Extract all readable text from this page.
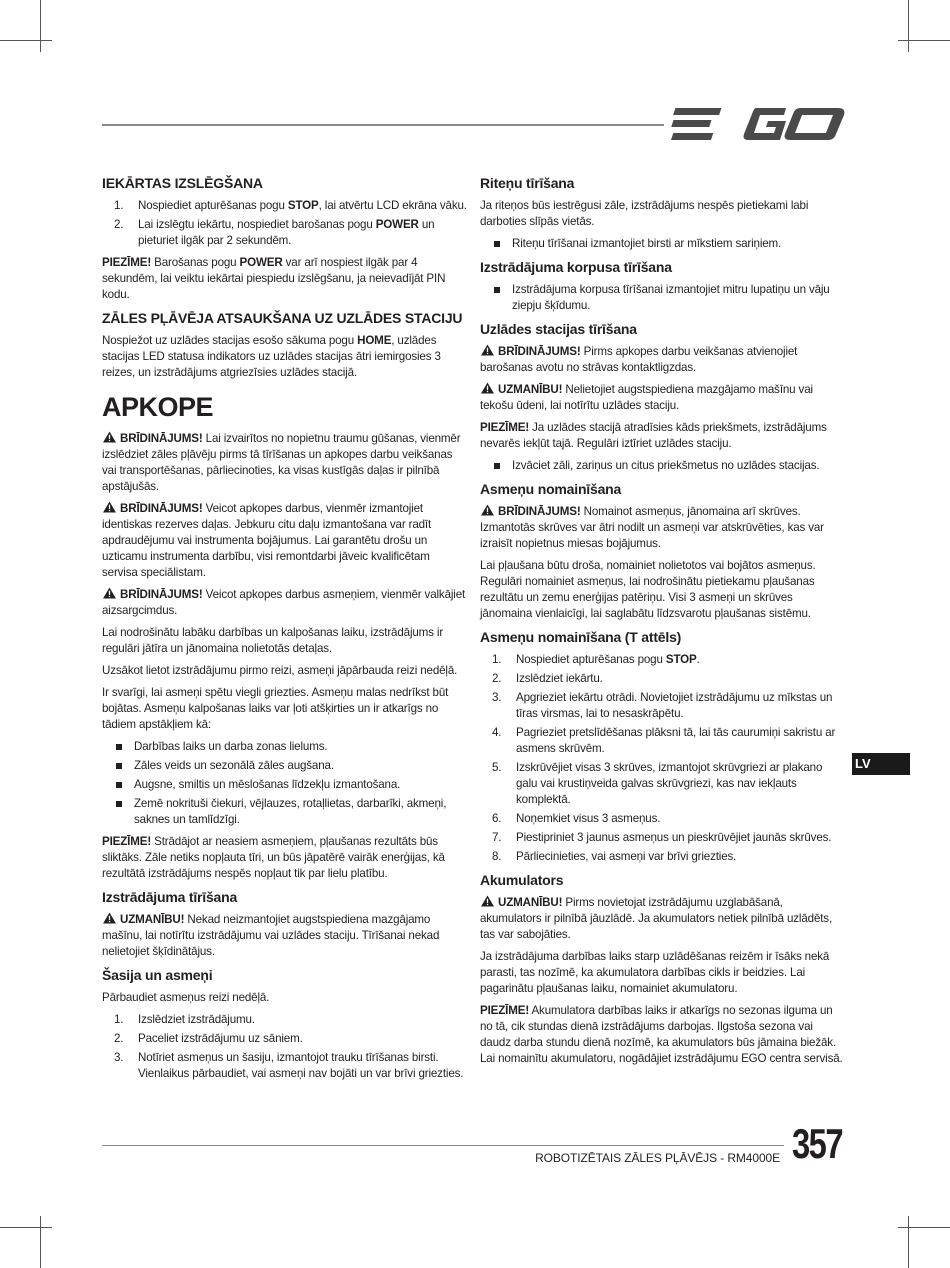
IEKĀRTAS IZSLĒGŠANA
1. Nospiediet apturēšanas pogu STOP, lai atvērtu LCD ekrāna vāku.
2. Lai izslēgtu iekārtu, nospiediet barošanas pogu POWER un pieturiet ilgāk par 2 sekundēm.

PIEZĪME! Barošanas pogu POWER var arī nospiest ilgāk par 4 sekundēm, lai veiktu iekārtai piespiedu izslēgšanu, ja neievadījāt PIN kodu.

ZĀLES PĻĀVĒJA ATSAUKŠANA UZ UZLĀDES STACIJU

Nospiežot uz uzlādes stacijas esošo sākuma pogu HOME, uzlādes stacijas LED statusa indikators uz uzlādes stacijas ātri iemirgosies 3 reizes, un izstrādājums atgriezīsies uzlādes stacijā.

APKOPE

BRĪDINĀJUMS! Lai izvairītos no nopietnu traumu gūšanas, vienmēr izslēdziet zāles pļāvēju pirms tā tīrīšanas un apkopes darbu veikšanas vai transportēšanas, pārliecinoties, ka visas kustīgās daļas ir pilnībā apstājušās.

BRĪDINĀJUMS! Veicot apkopes darbus, vienmēr izmantojiet identiskas rezerves daļas. Jebkuru citu daļu izmantošana var radīt apdraudējumu vai instrumenta bojājumus. Lai garantētu drošu un uzticamu instrumenta darbību, visi remontdarbi jāveic kvalificētam servisa speciālistam.

BRĪDINĀJUMS! Veicot apkopes darbus asmeņiem, vienmēr valkājiet aizsargcimdus.

Lai nodrošinātu labāku darbības un kalpošanas laiku, izstrādājums ir regulāri jātīra un jānomaina nolietotās detaļas.

Uzsākot lietot izstrādājumu pirmo reizi, asmeņi jāpārbauda reizi nedēļā.

Ir svarīgi, lai asmeņi spētu viegli griezties. Asmeņu malas nedrīkst būt bojātas. Asmeņu kalpošanas laiks var ļoti atšķirties un ir atkarīgs no tādiem apstākļiem kā:

Darbības laiks un darba zonas lielums.
Zāles veids un sezonālā zāles augšana.
Augsne, smiltis un mēslošanas līdzekļu izmantošana.
Zemē nokrituši čiekuri, vējlauzes, rotaļlietas, darbarīki, akmeņi, saknes un tamlīdzīgi.

PIEZĪME! Strādājot ar neasiem asmeņiem, pļaušanas rezultāts būs sliktāks. Zāle netiks nopļauta tīri, un būs jāpatērē vairāk enerģijas, kā rezultātā izstrādājums nespēs nopļaut tik par lielu platību.

Izstrādājuma tīrīšana

UZMANĪBU! Nekad neizmantojiet augstspiediena mazgājamo mašīnu, lai notīrītu izstrādājumu vai uzlādes staciju. Tīrīšanai nekad nelietojiet šķīdinātājus.

Šasija un asmeņi

Pārbaudiet asmeņus reizi nedēļā.

1. Izslēdziet izstrādājumu.
2. Paceliet izstrādājumu uz sāniem.
3. Notīriet asmeņus un šasiju, izmantojot trauku tīrīšanas birsti. Vienlaikus pārbaudiet, vai asmeņi nav bojāti un var brīvi griezties.
Riteņu tīrīšana

Ja riteņos būs iestrēgusi zāle, izstrādājums nespēs pietiekami labi darboties slīpās vietās.

Riteņu tīrīšanai izmantojiet birsti ar mīkstiem sariņiem.
Izstrādājuma korpusa tīrīšana
Izstrādājuma korpusa tīrīšanai izmantojiet mitru lupatiņu un vāju ziepju šķīdumu.
Uzlādes stacijas tīrīšana

BRĪDINĀJUMS! Pirms apkopes darbu veikšanas atvienojiet barošanas avotu no strāvas kontaktligzdas.

UZMANĪBU! Nelietojiet augstspiediena mazgājamo mašīnu vai tekošu ūdeni, lai notīrītu uzlādes staciju.

PIEZĪME! Ja uzlādes stacijā atradīsies kāds priekšmets, izstrādājums nevarēs iekļūt tajā. Regulāri iztīriet uzlādes staciju.

Izvāciet zāli, zariņus un citus priekšmetus no uzlādes stacijas.
Asmeņu nomainīšana

BRĪDINĀJUMS! Nomainot asmeņus, jānomaina arī skrūves. Izmantotās skrūves var ātri nodilt un asmeņi var atskrūvēties, kas var izraisīt nopietnus miesas bojājumus.

Lai pļaušana būtu droša, nomainiet nolietotos vai bojātos asmeņus. Regulāri nomainiet asmeņus, lai nodrošinātu pietiekamu pļaušanas rezultātu un zemu enerģijas patēriņu. Visi 3 asmeņi un skrūves jānomaina vienlaicīgi, lai saglabātu līdzsvarotu pļaušanas sistēmu.

Asmeņu nomainīšana (T attēls)
1. Nospiediet apturēšanas pogu STOP.
2. Izslēdziet iekārtu.
3. Apgrieziet iekārtu otrādi. Novietojiet izstrādājumu uz mīkstas un tīras virsmas, lai to nesaskrāpētu.
4. Pagrieziet pretslīdēšanas plāksni tā, lai tās caurumiņi sakristu ar asmens skrūvēm.
5. Izskrūvējiet visas 3 skrūves, izmantojot skrūvgriezi ar plakano galu vai krustiņveida galvas skrūvgriezi, kas nav iekļauts komplektā.
6. Noņemkiet visus 3 asmeņus.
7. Piestipriniet 3 jaunus asmeņus un pieskrūvējiet jaunās skrūves.
8. Pārliecinieties, vai asmeņi var brīvi griezties.
Akumulators

UZMANĪBU! Pirms novietojat izstrādājumu uzglabāšanā, akumulators ir pilnībā jāuzlādē. Ja akumulators netiek pilnībā uzlādēts, tas var sabojāties.

Ja izstrādājuma darbības laiks starp uzlādēšanas reizēm ir īsāks nekā parasti, tas nozīmē, ka akumulatora darbības cikls ir beidzies. Lai pagarinātu pļaušanas laiku, nomainiet akumulatoru.

PIEZĪME! Akumulatora darbības laiks ir atkarīgs no sezonas ilguma un no tā, cik stundas dienā izstrādājums darbojas. Ilgstoša sezona vai daudz darba stundu dienā nozīmē, ka akumulators būs jāmaina biežāk. Lai nomainītu akumulatoru, nogādājiet izstrādājumu EGO centra servisā.

LV
ROBOTIZĒTAIS ZĀLES PĻĀVĒJS - RM4000E 357
